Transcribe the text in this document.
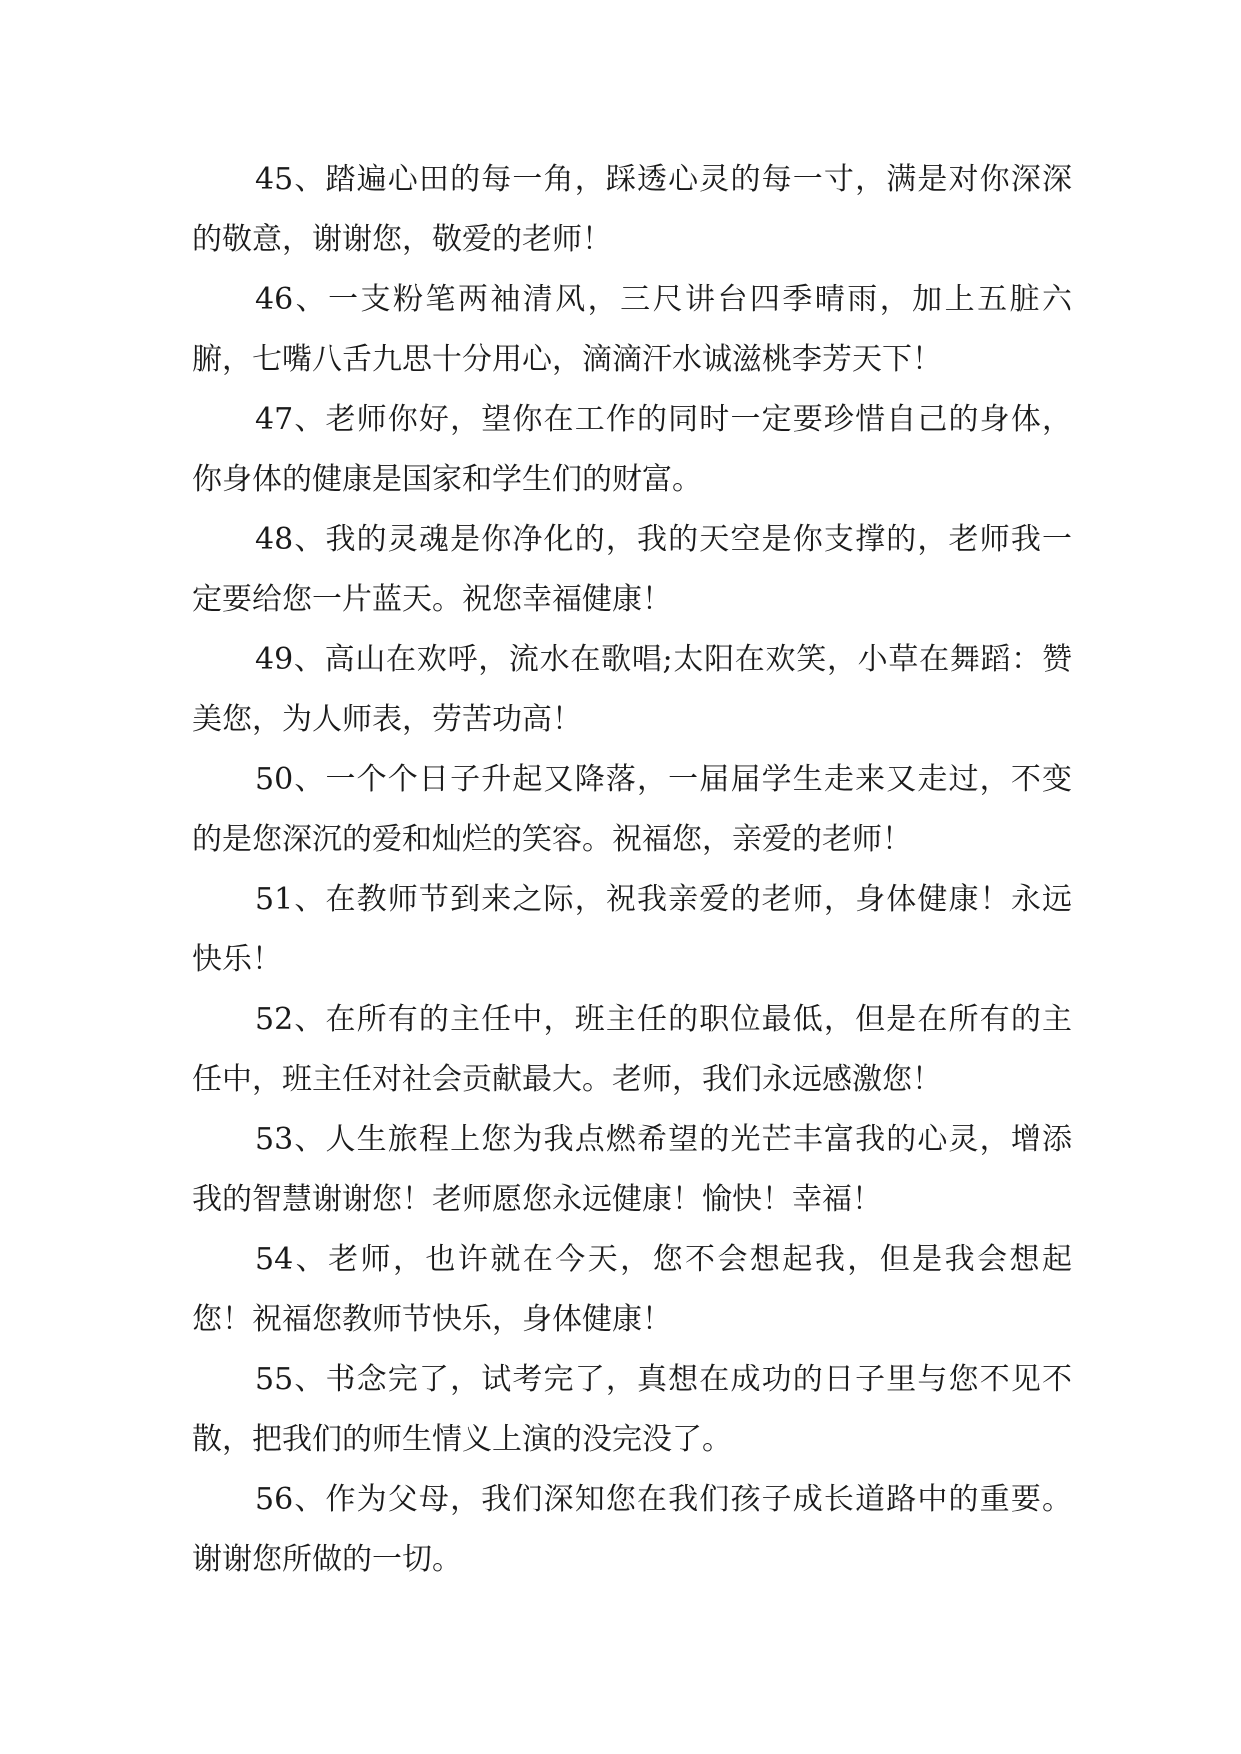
45、踏遍心田的每一角，踩透心灵的每一寸，满是对你深深的敬意，谢谢您，敬爱的老师！

46、一支粉笔两袖清风，三尺讲台四季晴雨，加上五脏六腑，七嘴八舌九思十分用心，滴滴汗水诚滋桃李芳天下！

47、老师你好，望你在工作的同时一定要珍惜自己的身体，你身体的健康是国家和学生们的财富。

48、我的灵魂是你净化的，我的天空是你支撑的，老师我一定要给您一片蓝天。祝您幸福健康！

49、高山在欢呼，流水在歌唱;太阳在欢笑，小草在舞蹈：赞美您，为人师表，劳苦功高！

50、一个个日子升起又降落，一届届学生走来又走过，不变的是您深沉的爱和灿烂的笑容。祝福您，亲爱的老师！

51、在教师节到来之际，祝我亲爱的老师，身体健康！永远快乐！

52、在所有的主任中，班主任的职位最低，但是在所有的主任中，班主任对社会贡献最大。老师，我们永远感激您！

53、人生旅程上您为我点燃希望的光芒丰富我的心灵，增添我的智慧谢谢您！老师愿您永远健康！愉快！幸福！

54、老师，也许就在今天，您不会想起我，但是我会想起您！祝福您教师节快乐，身体健康！

55、书念完了，试考完了，真想在成功的日子里与您不见不散，把我们的师生情义上演的没完没了。

56、作为父母，我们深知您在我们孩子成长道路中的重要。谢谢您所做的一切。
